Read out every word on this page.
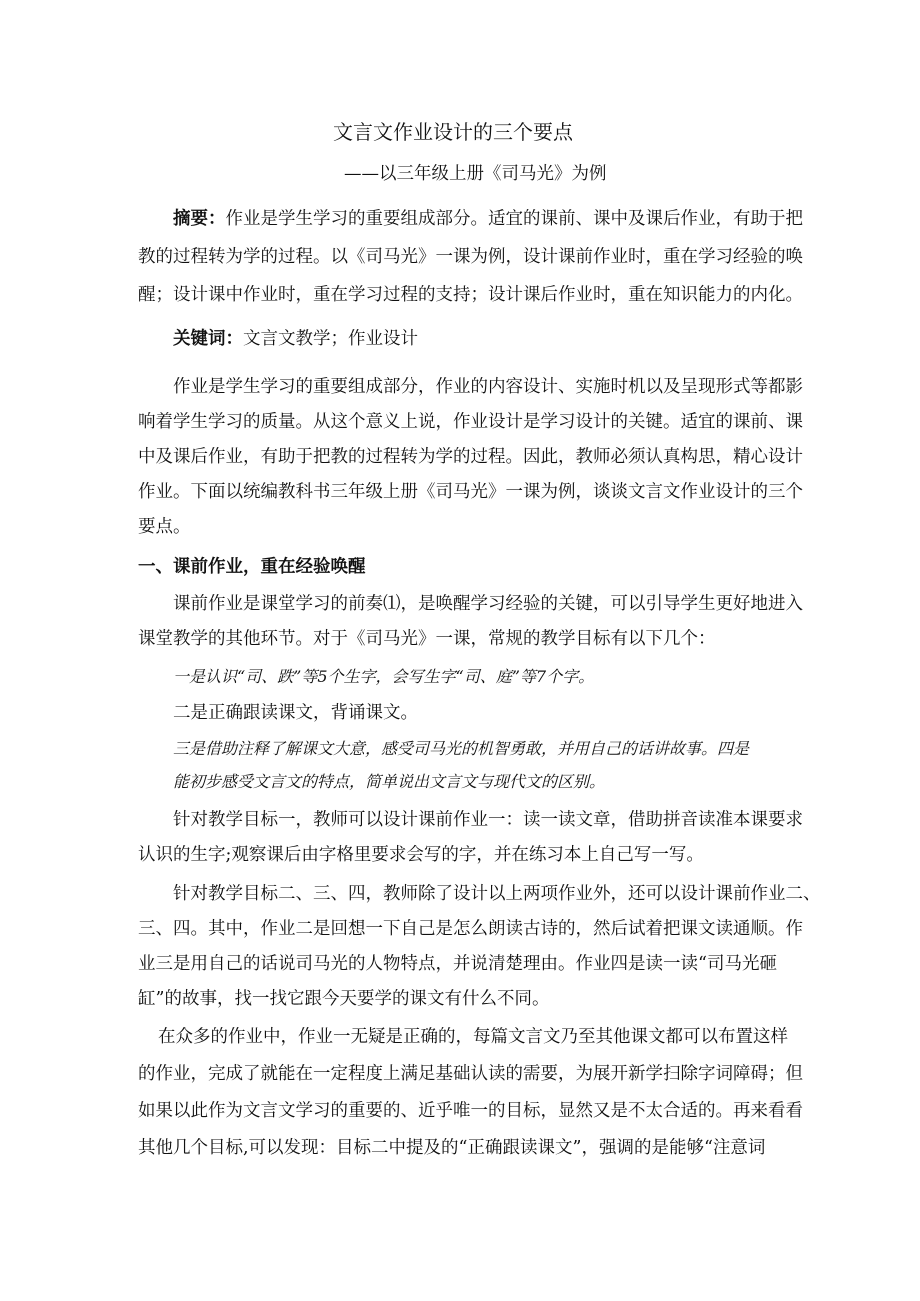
文言文作业设计的三个要点
——以三年级上册《司马光》为例
摘要：作业是学生学习的重要组成部分。适宜的课前、课中及课后作业，有助于把
教的过程转为学的过程。以《司马光》一课为例，设计课前作业时，重在学习经验的唤
醒；设计课中作业时，重在学习过程的支持；设计课后作业时，重在知识能力的内化。
关键词：文言文教学；作业设计
作业是学生学习的重要组成部分，作业的内容设计、实施时机以及呈现形式等都影
响着学生学习的质量。从这个意义上说，作业设计是学习设计的关键。适宜的课前、课
中及课后作业，有助于把教的过程转为学的过程。因此，教师必须认真构思，精心设计
作业。下面以统编教科书三年级上册《司马光》一课为例，谈谈文言文作业设计的三个
要点。
一、课前作业，重在经验唤醒
课前作业是课堂学习的前奏⑴，是唤醒学习经验的关键，可以引导学生更好地进入
课堂教学的其他环节。对于《司马光》一课，常规的教学目标有以下几个：
一是认识“司、跌”等5个生字，会写生字“司、庭”等7个字。
二是正确跟读课文，背诵课文。
三是借助注释了解课文大意，感受司马光的机智勇敢，并用自己的话讲故事。四是
能初步感受文言文的特点，简单说出文言文与现代文的区别。
针对教学目标一，教师可以设计课前作业一：读一读文章，借助拼音读准本课要求
认识的生字;观察课后由字格里要求会写的字，并在练习本上自己写一写。
针对教学目标二、三、四，教师除了设计以上两项作业外，还可以设计课前作业二、
三、四。其中，作业二是回想一下自己是怎么朗读古诗的，然后试着把课文读通顺。作
业三是用自己的话说司马光的人物特点，并说清楚理由。作业四是读一读“司马光砸
缸”的故事，找一找它跟今天要学的课文有什么不同。
在众多的作业中，作业一无疑是正确的，每篇文言文乃至其他课文都可以布置这样
的作业，完成了就能在一定程度上满足基础认读的需要，为展开新学扫除字词障碍；但
如果以此作为文言文学习的重要的、近乎唯一的目标，显然又是不太合适的。再来看看
其他几个目标,可以发现：目标二中提及的“正确跟读课文”，强调的是能够“注意词
